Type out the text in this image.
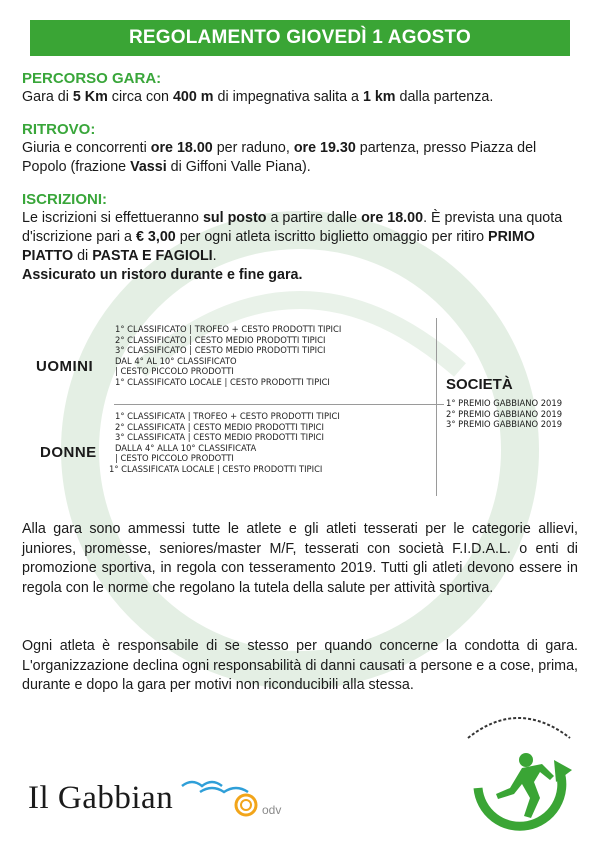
REGOLAMENTO GIOVEDÌ 1 AGOSTO

PERCORSO GARA:

Gara di 5 Km circa con 400 m di impegnativa salita a 1 km dalla partenza.

RITROVO:

Giuria e concorrenti ore 18.00 per raduno, ore 19.30 partenza, presso Piazza del Popolo (frazione Vassi di Giffoni Valle Piana).

ISCRIZIONI:

Le iscrizioni si effettueranno sul posto a partire dalle ore 18.00. È prevista una quota d'iscrizione pari a € 3,00 per ogni atleta iscritto biglietto omaggio per ritiro PRIMO PIATTO di PASTA E FAGIOLI.
Assicurato un ristoro durante e fine gara.

UOMINI
1° CLASSIFICATO | TROFEO + CESTO PRODOTTI TIPICI
2° CLASSIFICATO | CESTO MEDIO PRODOTTI TIPICI
3° CLASSIFICATO | CESTO MEDIO PRODOTTI TIPICI
DAL 4° AL 10° CLASSIFICATO
| CESTO PICCOLO PRODOTTI
1° CLASSIFICATO LOCALE | CESTO PRODOTTI TIPICI
DONNE
1° CLASSIFICATA | TROFEO + CESTO PRODOTTI TIPICI
2° CLASSIFICATA | CESTO MEDIO PRODOTTI TIPICI
3° CLASSIFICATA | CESTO MEDIO PRODOTTI TIPICI
DALLA 4° ALLA 10° CLASSIFICATA
| CESTO PICCOLO PRODOTTI
1° CLASSIFICATA LOCALE | CESTO PRODOTTI TIPICI
SOCIETÀ
1° PREMIO GABBIANO 2019
2° PREMIO GABBIANO 2019
3° PREMIO GABBIANO 2019

Alla gara sono ammessi tutte le atlete e gli atleti tesserati per le categorie allievi, juniores, promesse, seniores/master M/F, tesserati con società F.I.D.A.L. o enti di promozione sportiva, in regola con tesseramento 2019. Tutti gli atleti devono essere in regola con le norme che regolano la tutela della salute per attività sportiva.

Ogni atleta è responsabile di se stesso per quando concerne la condotta di gara. L'organizzazione declina ogni responsabilità di danni causati a persone e a cose, prima, durante e dopo la gara per motivi non riconducibili alla stessa.

Il Gabbian	odv
